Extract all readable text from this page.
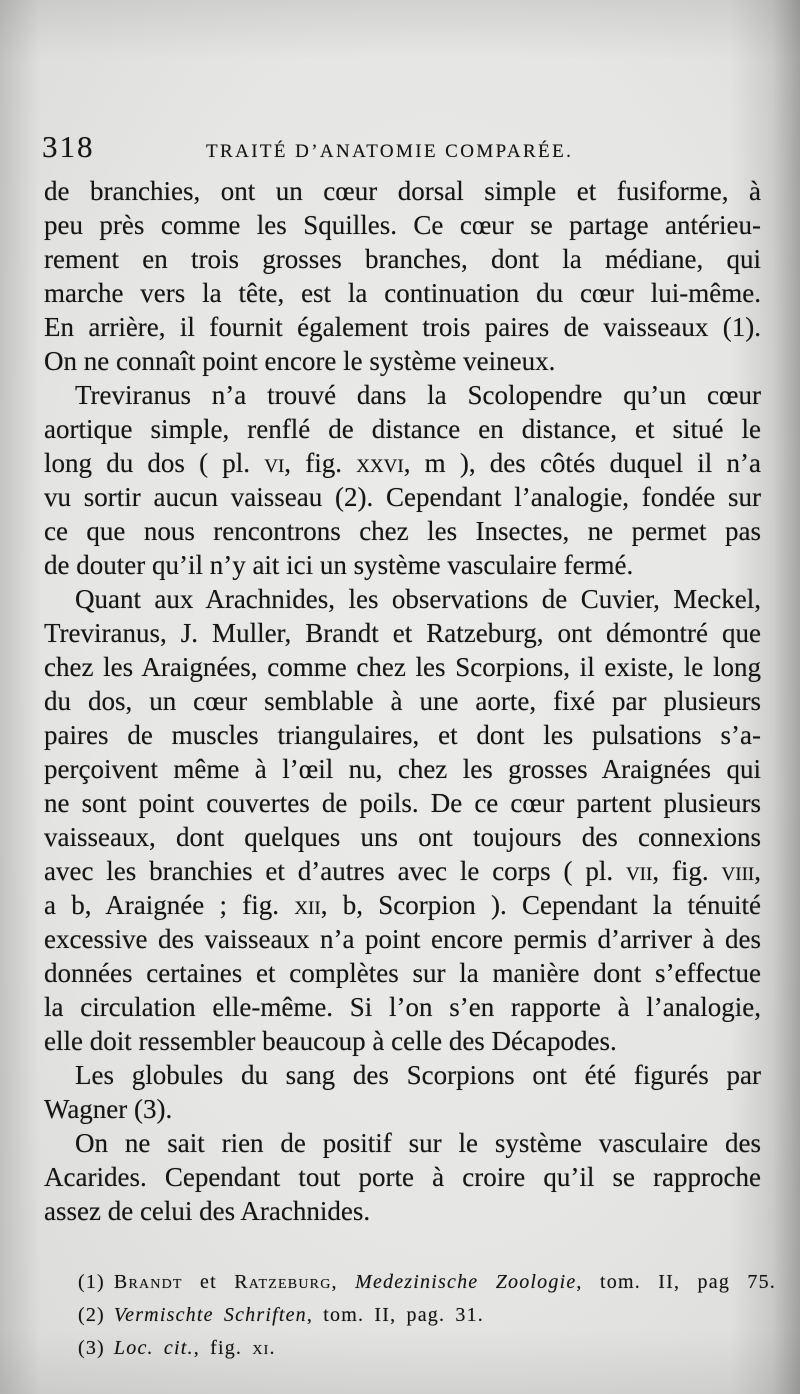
318	TRAITÉ D’ANATOMIE COMPARÉE.
de branchies, ont un cœur dorsal simple et fusiforme, à
peu près comme les Squilles. Ce cœur se partage antérieu-
rement en trois grosses branches, dont la médiane, qui
marche vers la tête, est la continuation du cœur lui-même.
En arrière, il fournit également trois paires de vaisseaux (1).
On ne connaît point encore le système veineux.
Treviranus n’a trouvé dans la Scolopendre qu’un cœur
aortique simple, renflé de distance en distance, et situé le
long du dos ( pl. vi, fig. xxvi, m ), des côtés duquel il n’a
vu sortir aucun vaisseau (2). Cependant l’analogie, fondée sur
ce que nous rencontrons chez les Insectes, ne permet pas
de douter qu’il n’y ait ici un système vasculaire fermé.
Quant aux Arachnides, les observations de Cuvier, Meckel,
Treviranus, J. Muller, Brandt et Ratzeburg, ont démontré que
chez les Araignées, comme chez les Scorpions, il existe, le long
du dos, un cœur semblable à une aorte, fixé par plusieurs
paires de muscles triangulaires, et dont les pulsations s’a-
perçoivent même à l’œil nu, chez les grosses Araignées qui
ne sont point couvertes de poils. De ce cœur partent plusieurs
vaisseaux, dont quelques uns ont toujours des connexions
avec les branchies et d’autres avec le corps ( pl. vii, fig. viii,
a b, Araignée ; fig. xii, b, Scorpion ). Cependant la ténuité
excessive des vaisseaux n’a point encore permis d’arriver à des
données certaines et complètes sur la manière dont s’effectue
la circulation elle-même. Si l’on s’en rapporte à l’analogie,
elle doit ressembler beaucoup à celle des Décapodes.
Les globules du sang des Scorpions ont été figurés par
Wagner (3).
On ne sait rien de positif sur le système vasculaire des
Acarides. Cependant tout porte à croire qu’il se rapproche
assez de celui des Arachnides.
(1) Brandt et Ratzeburg, Medezinische Zoologie, tom. II, pag 75.
(2) Vermischte Schriften, tom. II, pag. 31.
(3) Loc. cit., fig. xi.
